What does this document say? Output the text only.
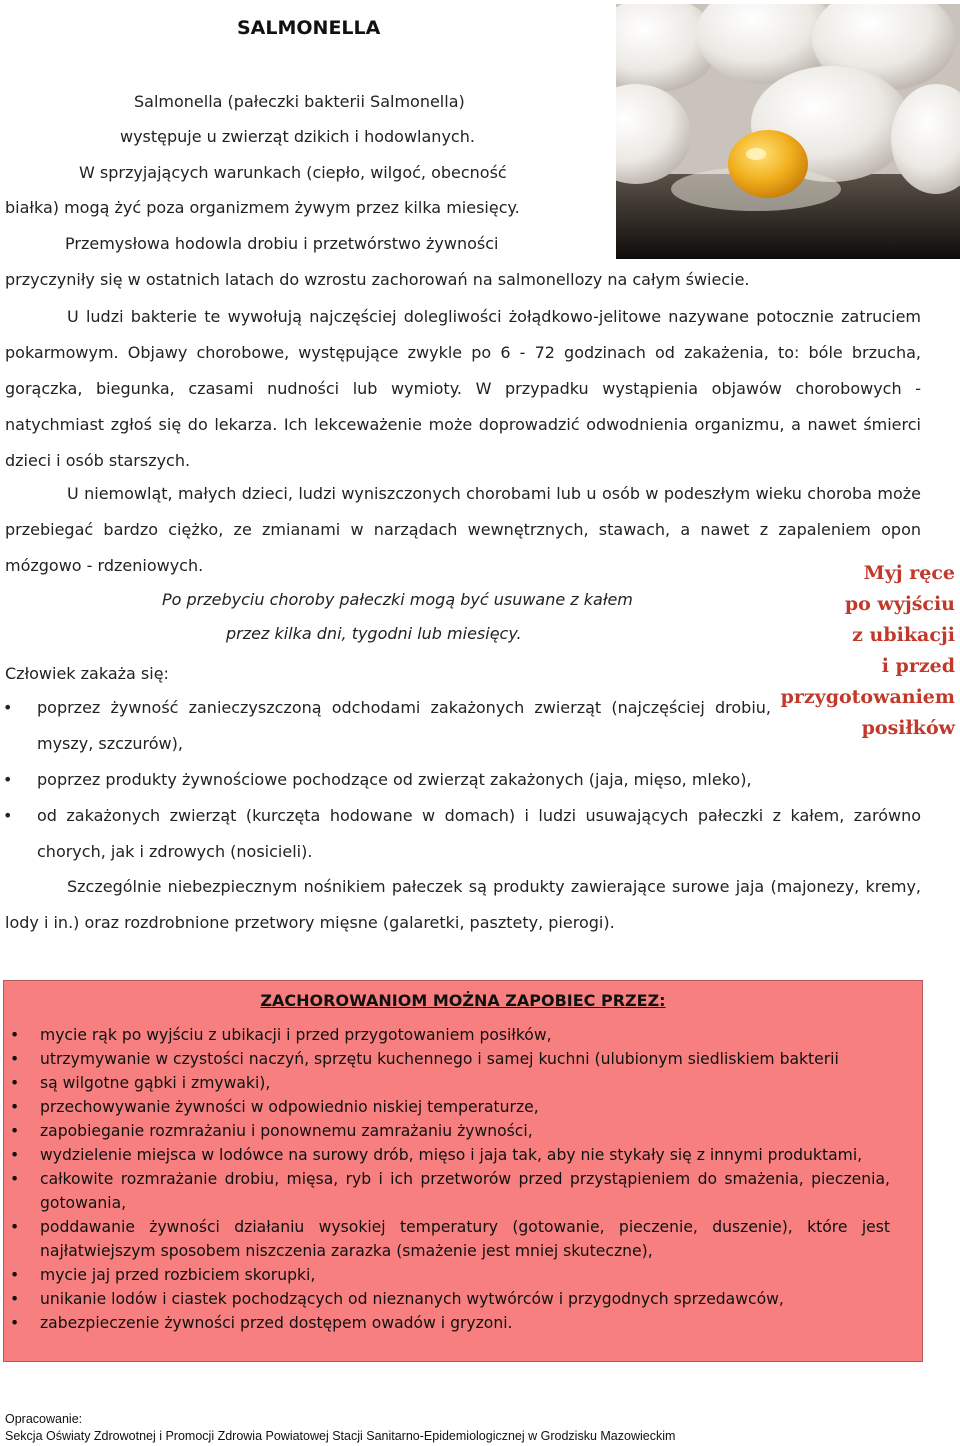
SALMONELLA
Salmonella (pałeczki bakterii Salmonella)
występuje u zwierząt dzikich i hodowlanych.
W sprzyjających warunkach (ciepło, wilgoć, obecność
białka) mogą żyć poza organizmem żywym przez kilka miesięcy.
Przemysłowa hodowla drobiu i przetwórstwo żywności
przyczyniły się w ostatnich latach do wzrostu zachorowań na salmonellozy na całym świecie.
U ludzi bakterie te wywołują najczęściej dolegliwości żołądkowo-jelitowe nazywane potocznie zatruciem pokarmowym. Objawy chorobowe, występujące zwykle po 6 - 72 godzinach od zakażenia, to: bóle brzucha, gorączka, biegunka, czasami nudności lub wymioty. W przypadku wystąpienia objawów chorobowych - natychmiast zgłoś się do lekarza. Ich lekceważenie może doprowadzić odwodnienia organizmu, a nawet śmierci dzieci i osób starszych.
U niemowląt, małych dzieci, ludzi wyniszczonych chorobami lub u osób w podeszłym wieku choroba może przebiegać bardzo ciężko, ze zmianami w narządach wewnętrznych, stawach, a nawet z zapaleniem opon mózgowo - rdzeniowych.
Po przebyciu choroby pałeczki mogą być usuwane z kałem
przez kilka dni, tygodni lub miesięcy.
Myj ręce
po wyjściu
z ubikacji
i przed
przygotowaniem
posiłków
Człowiek zakaża się:
• poprzez żywność zanieczyszczoną odchodami zakażonych zwierząt (najczęściej drobiu, myszy, szczurów),
• poprzez produkty żywnościowe pochodzące od zwierząt zakażonych (jaja, mięso, mleko),
• od zakażonych zwierząt (kurczęta hodowane w domach) i ludzi usuwających pałeczki z kałem, zarówno chorych, jak i zdrowych (nosicieli).
Szczególnie niebezpiecznym nośnikiem pałeczek są produkty zawierające surowe jaja (majonezy, kremy, lody i in.) oraz rozdrobnione przetwory mięsne (galaretki, pasztety, pierogi).
ZACHOROWANIOM MOŻNA ZAPOBIEC PRZEZ:
• mycie rąk po wyjściu z ubikacji i przed przygotowaniem posiłków,
• utrzymywanie w czystości naczyń, sprzętu kuchennego i samej kuchni (ulubionym siedliskiem bakterii
• są wilgotne gąbki i zmywaki),
• przechowywanie żywności w odpowiednio niskiej temperaturze,
• zapobieganie rozmrażaniu i ponownemu zamrażaniu żywności,
• wydzielenie miejsca w lodówce na surowy drób, mięso i jaja tak, aby nie stykały się z innymi produktami,
• całkowite rozmrażanie drobiu, mięsa, ryb i ich przetworów przed przystąpieniem do smażenia, pieczenia, gotowania,
• poddawanie żywności działaniu wysokiej temperatury (gotowanie, pieczenie, duszenie), które jest najłatwiejszym sposobem niszczenia zarazka (smażenie jest mniej skuteczne),
• mycie jaj przed rozbiciem skorupki,
• unikanie lodów i ciastek pochodzących od nieznanych wytwórców i przygodnych sprzedawców,
• zabezpieczenie żywności przed dostępem owadów i gryzoni.
Opracowanie:
Sekcja Oświaty Zdrowotnej i Promocji Zdrowia Powiatowej Stacji Sanitarno-Epidemiologicznej w Grodzisku Mazowieckim
